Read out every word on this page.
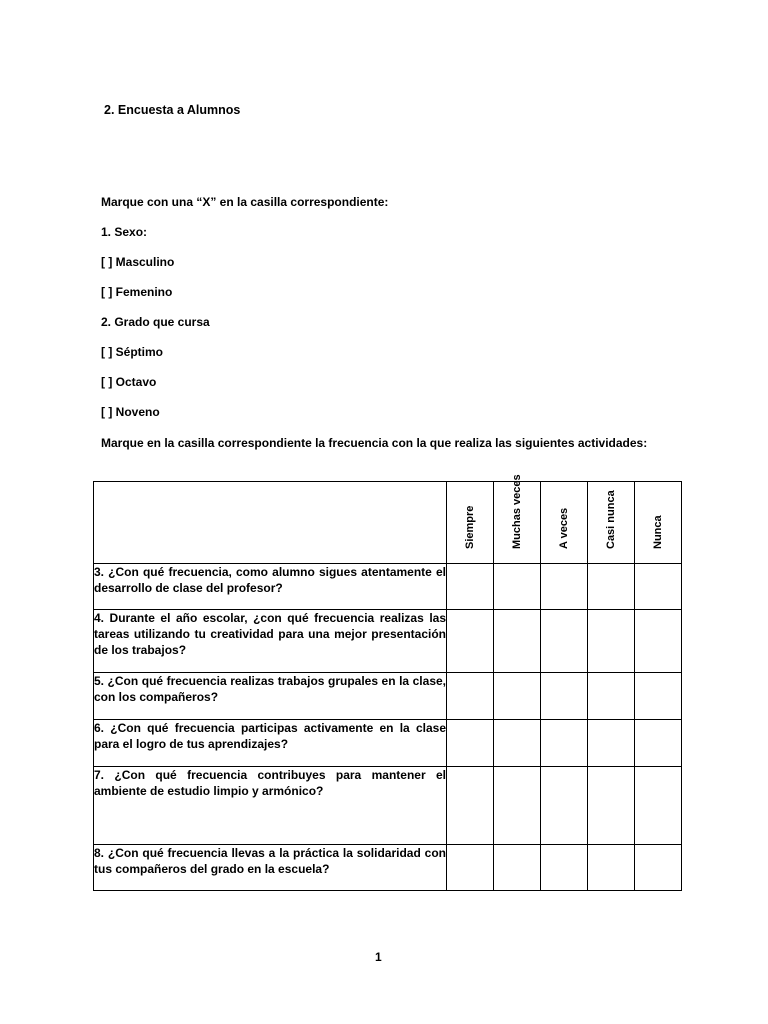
2. Encuesta a Alumnos
Marque con una “X” en la casilla correspondiente:
1. Sexo:
[ ] Masculino
[ ] Femenino
2. Grado que cursa
[ ] Séptimo
[ ] Octavo
[ ] Noveno
Marque en la casilla correspondiente la frecuencia con la que realiza las siguientes actividades:

	Siempre	Muchas veces	A veces	Casi nunca	Nunca

3. ¿Con qué frecuencia, como alumno sigues atentamente el desarrollo de clase del profesor?					
4. Durante el año escolar, ¿con qué frecuencia realizas las tareas utilizando tu creatividad para una mejor presentación de los trabajos?					
5. ¿Con qué frecuencia realizas trabajos grupales en la clase, con los compañeros?					
6. ¿Con qué frecuencia participas activamente en la clase para el logro de tus aprendizajes?					
7. ¿Con qué frecuencia contribuyes para mantener el ambiente de estudio limpio y armónico?					
8. ¿Con qué frecuencia llevas a la práctica la solidaridad con tus compañeros del grado en la escuela?					
1
